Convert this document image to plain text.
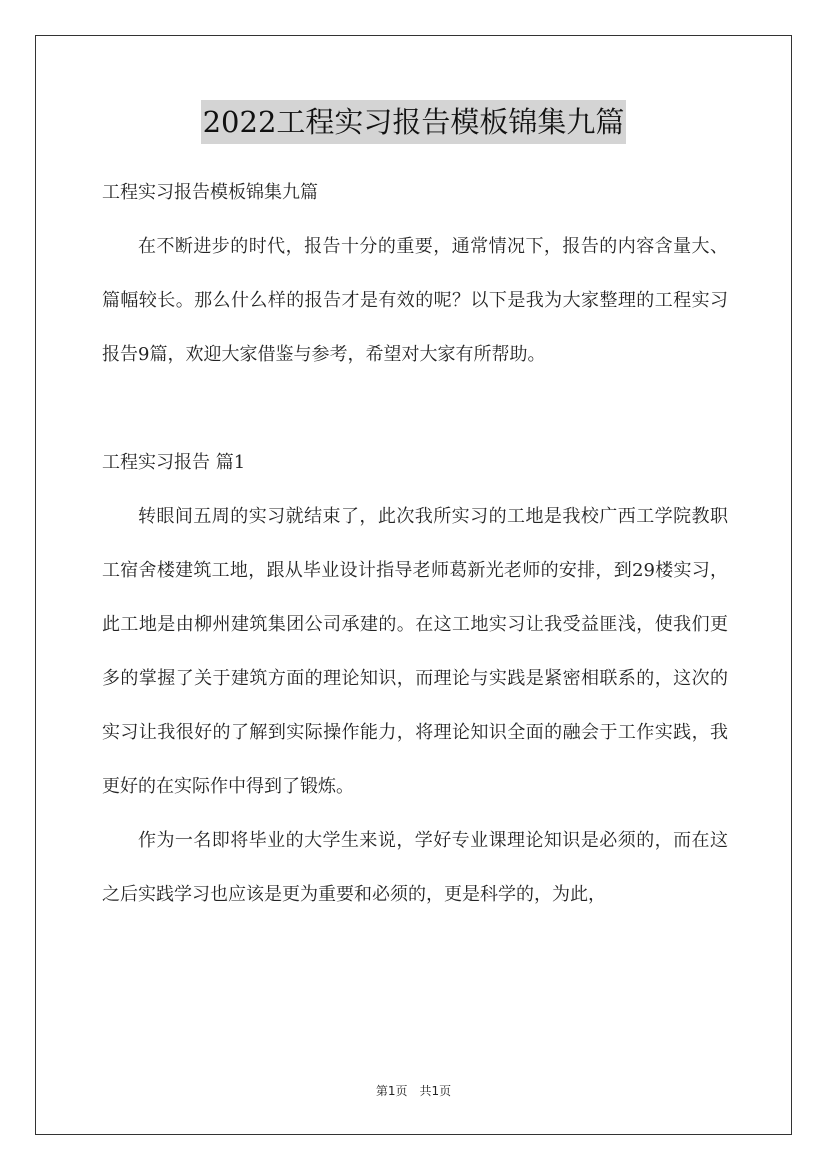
2022工程实习报告模板锦集九篇

工程实习报告模板锦集九篇

在不断进步的时代，报告十分的重要，通常情况下，报告的内容含量大、篇幅较长。那么什么样的报告才是有效的呢？以下是我为大家整理的工程实习报告9篇，欢迎大家借鉴与参考，希望对大家有所帮助。

工程实习报告 篇1

转眼间五周的实习就结束了，此次我所实习的工地是我校广西工学院教职工宿舍楼建筑工地，跟从毕业设计指导老师葛新光老师的安排，到29楼实习，此工地是由柳州建筑集团公司承建的。在这工地实习让我受益匪浅，使我们更多的掌握了关于建筑方面的理论知识，而理论与实践是紧密相联系的，这次的实习让我很好的了解到实际操作能力，将理论知识全面的融会于工作实践，我更好的在实际作中得到了锻炼。

作为一名即将毕业的大学生来说，学好专业课理论知识是必须的，而在这之后实践学习也应该是更为重要和必须的，更是科学的，为此，

第1页　共1页
